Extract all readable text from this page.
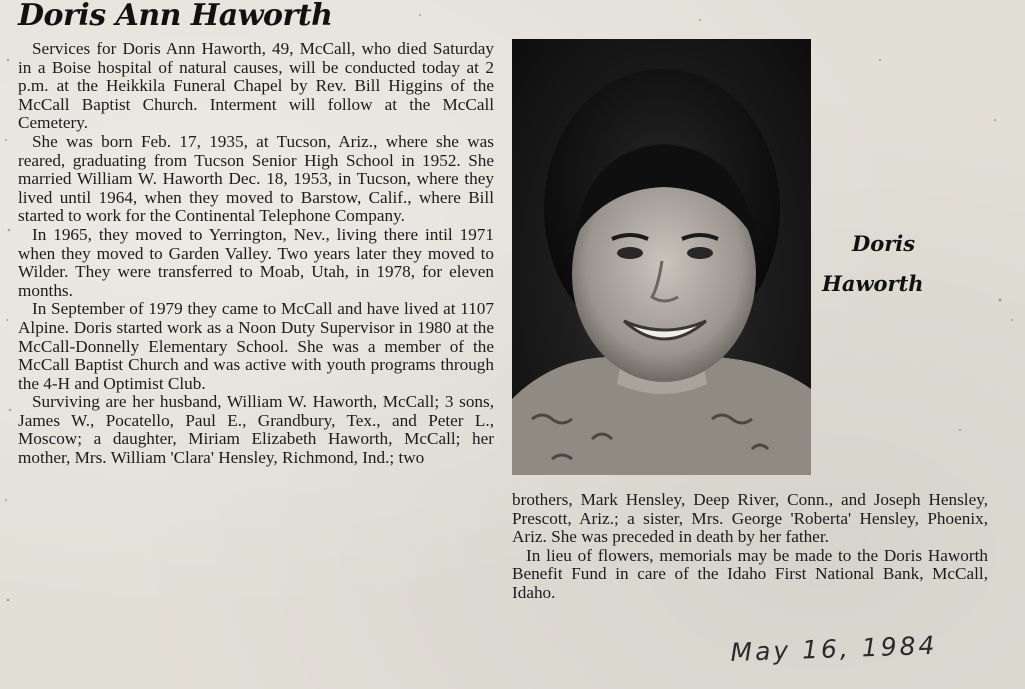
Doris Ann Haworth

Services for Doris Ann Haworth, 49, McCall, who died Saturday in a Boise hospital of natural causes, will be conducted today at 2 p.m. at the Heikkila Funeral Chapel by Rev. Bill Higgins of the McCall Baptist Church. Interment will follow at the McCall Cemetery.

She was born Feb. 17, 1935, at Tucson, Ariz., where she was reared, graduating from Tucson Senior High School in 1952. She married William W. Haworth Dec. 18, 1953, in Tucson, where they lived until 1964, when they moved to Barstow, Calif., where Bill started to work for the Continental Telephone Company.

In 1965, they moved to Yerrington, Nev., living there intil 1971 when they moved to Garden Valley. Two years later they moved to Wilder. They were transferred to Moab, Utah, in 1978, for eleven months.

In September of 1979 they came to McCall and have lived at 1107 Alpine. Doris started work as a Noon Duty Supervisor in 1980 at the McCall-Donnelly Elementary School. She was a member of the McCall Baptist Church and was active with youth programs through the 4-H and Optimist Club.

Surviving are her husband, William W. Haworth, McCall; 3 sons, James W., Pocatello, Paul E., Grandbury, Tex., and Peter L., Moscow; a daughter, Miriam Elizabeth Haworth, McCall; her mother, Mrs. William 'Clara' Hensley, Richmond, Ind.; two

Doris
Haworth

brothers, Mark Hensley, Deep River, Conn., and Joseph Hensley, Prescott, Ariz.; a sister, Mrs. George 'Roberta' Hensley, Phoenix, Ariz. She was preceded in death by her father.

In lieu of flowers, memorials may be made to the Doris Haworth Benefit Fund in care of the Idaho First National Bank, McCall, Idaho.

May 16, 1984
